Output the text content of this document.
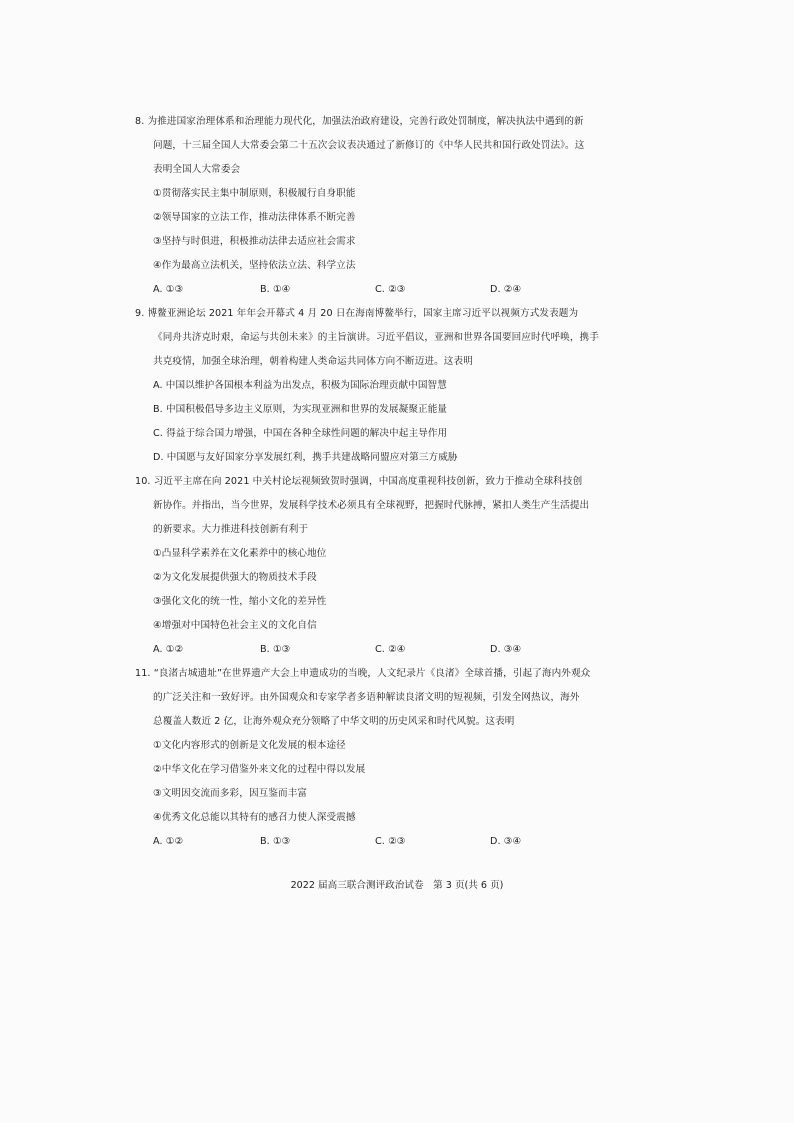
8. 为推进国家治理体系和治理能力现代化，加强法治政府建设，完善行政处罚制度，解决执法中遇到的新
问题，十三届全国人大常委会第二十五次会议表决通过了新修订的《中华人民共和国行政处罚法》。这
表明全国人大常委会
①贯彻落实民主集中制原则，积极履行自身职能
②领导国家的立法工作，推动法律体系不断完善
③坚持与时俱进，积极推动法律去适应社会需求
④作为最高立法机关，坚持依法立法、科学立法
A. ①③	B. ①④	C. ②③	D. ②④
9. 博鳌亚洲论坛 2021 年年会开幕式 4 月 20 日在海南博鳌举行，国家主席习近平以视频方式发表题为
《同舟共济克时艰，命运与共创未来》的主旨演讲。习近平倡议，亚洲和世界各国要回应时代呼唤，携手
共克疫情，加强全球治理，朝着构建人类命运共同体方向不断迈进。这表明
A. 中国以维护各国根本利益为出发点，积极为国际治理贡献中国智慧
B. 中国积极倡导多边主义原则，为实现亚洲和世界的发展凝聚正能量
C. 得益于综合国力增强，中国在各种全球性问题的解决中起主导作用
D. 中国愿与友好国家分享发展红利，携手共建战略同盟应对第三方威胁
10. 习近平主席在向 2021 中关村论坛视频致贺时强调，中国高度重视科技创新，致力于推动全球科技创
新协作。并指出，当今世界，发展科学技术必须具有全球视野，把握时代脉搏，紧扣人类生产生活提出
的新要求。大力推进科技创新有利于
①凸显科学素养在文化素养中的核心地位
②为文化发展提供强大的物质技术手段
③强化文化的统一性，缩小文化的差异性
④增强对中国特色社会主义的文化自信
A. ①②	B. ①③	C. ②④	D. ③④
11. “良渚古城遗址”在世界遗产大会上申遗成功的当晚，人文纪录片《良渚》全球首播，引起了海内外观众
的广泛关注和一致好评。由外国观众和专家学者多语种解读良渚文明的短视频，引发全网热议，海外
总覆盖人数近 2 亿，让海外观众充分领略了中华文明的历史风采和时代风貌。这表明
①文化内容形式的创新是文化发展的根本途径
②中华文化在学习借鉴外来文化的过程中得以发展
③文明因交流而多彩，因互鉴而丰富
④优秀文化总能以其特有的感召力使人深受震撼
A. ①②	B. ①③	C. ②③	D. ③④
2022 届高三联合测评政治试卷　第 3 页(共 6 页)
